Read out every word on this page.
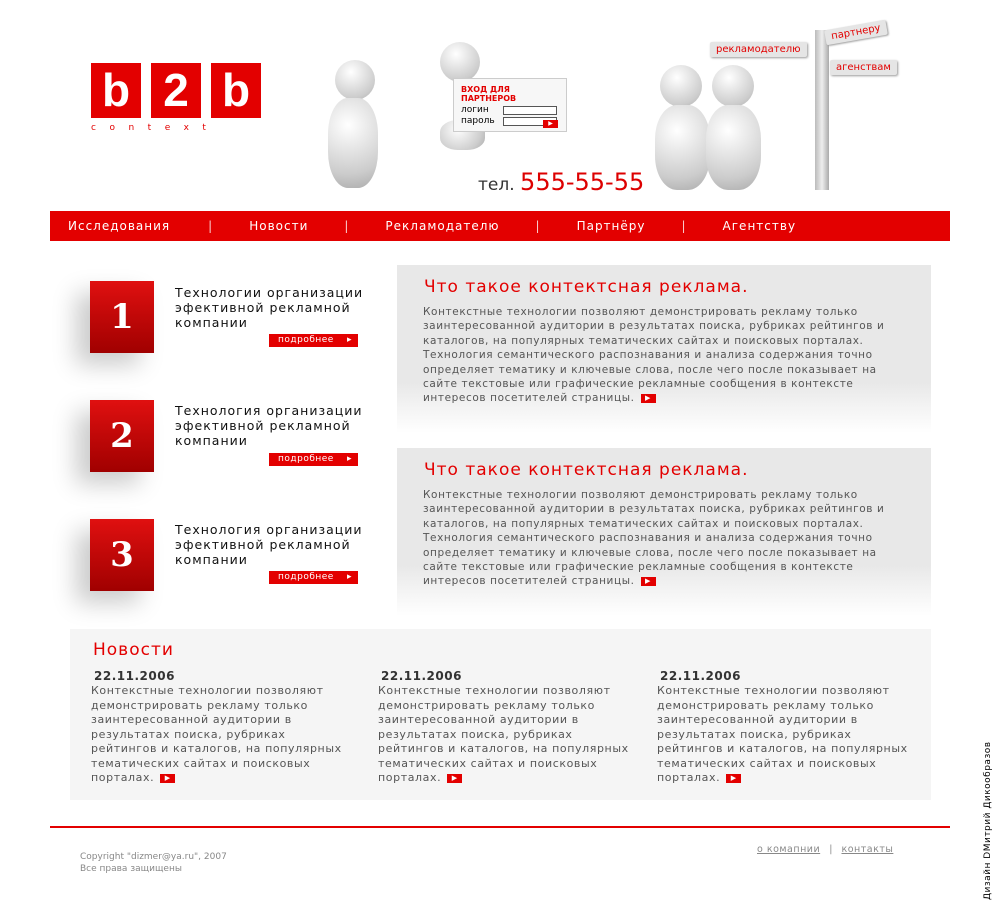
b 2 b
context
ВХОД ДЛЯ ПАРТНЕРОВ
логин
пароль	▶
тел. 555-55-55
партнеру
рекламодателю
агенствам
Исследования	|	Новости	|	Рекламодателю	|	Партнёру	|	Агентству
1
Технологии организации эфективной рекламной компании
подробнее ▸
2
Технология организации эфективной рекламной компании
подробнее ▸
3
Технология организации эфективной рекламной компании
подробнее ▸
Что такое контектсная реклама.

Контекстные технологии позволяют демонстрировать рекламу только заинтересованной аудитории в результатах поиска, рубриках рейтингов и каталогов, на популярных тематических сайтах и поисковых порталах. Технология семантического распознавания и анализа содержания точно определяет тематику и ключевые слова, после чего после показывает на сайте текстовые или графические рекламные сообщения в контексте интересов посетителей страницы. ▶

Что такое контектсная реклама.

Контекстные технологии позволяют демонстрировать рекламу только заинтересованной аудитории в результатах поиска, рубриках рейтингов и каталогов, на популярных тематических сайтах и поисковых порталах. Технология семантического распознавания и анализа содержания точно определяет тематику и ключевые слова, после чего после показывает на сайте текстовые или графические рекламные сообщения в контексте интересов посетителей страницы. ▶

Новости
22.11.2006
Контекстные технологии позволяют демонстрировать рекламу только заинтересованной аудитории в результатах поиска, рубриках рейтингов и каталогов, на популярных тематических сайтах и поисковых порталах. ▶
22.11.2006
Контекстные технологии позволяют демонстрировать рекламу только заинтересованной аудитории в результатах поиска, рубриках рейтингов и каталогов, на популярных тематических сайтах и поисковых порталах. ▶
22.11.2006
Контекстные технологии позволяют демонстрировать рекламу только заинтересованной аудитории в результатах поиска, рубриках рейтингов и каталогов, на популярных тематических сайтах и поисковых порталах. ▶
Copyright "dizmer@ya.ru", 2007
Все права защищены
о комапнии | контакты	Дизайн DМитрий Дикообразов
